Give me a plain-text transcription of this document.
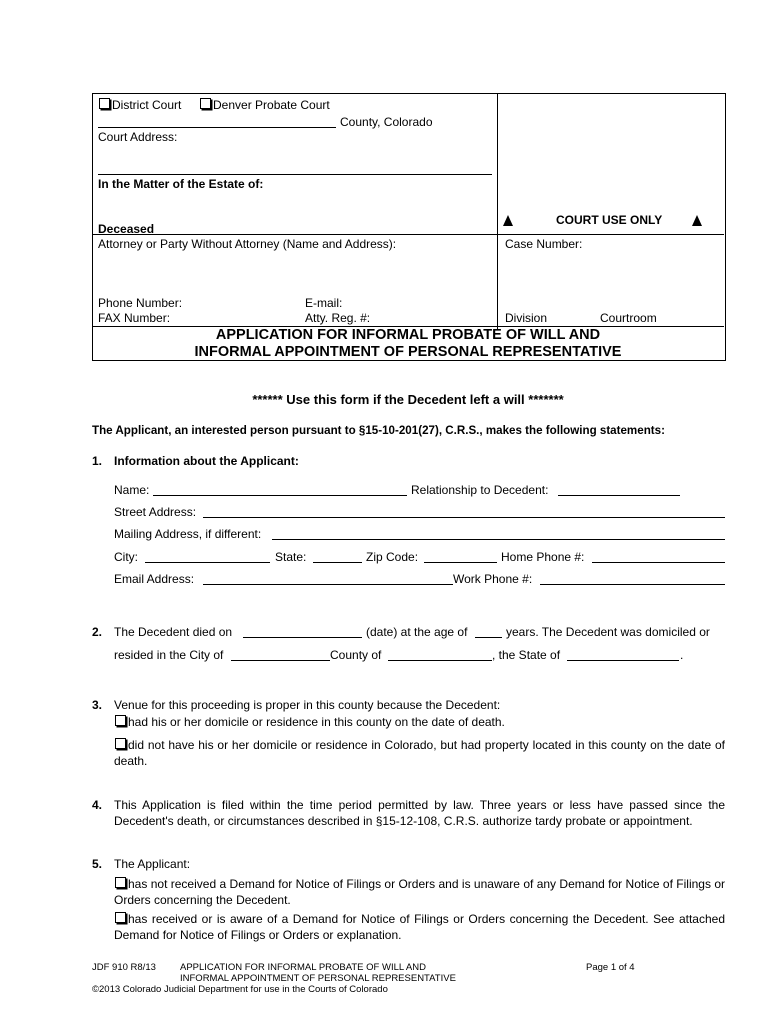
District Court	Denver Probate Court
County, Colorado
Court Address:
In the Matter of the Estate of:
Deceased
COURT USE ONLY
Attorney or Party Without Attorney (Name and Address):	Case Number:
Phone Number:	E-mail:
FAX Number:	Atty. Reg. #:	Division	Courtroom
APPLICATION FOR INFORMAL PROBATE OF WILL AND
INFORMAL APPOINTMENT OF PERSONAL REPRESENTATIVE
****** Use this form if the Decedent left a will *******
The Applicant, an interested person pursuant to §15-10-201(27), C.R.S., makes the following statements:
1. Information about the Applicant:
Name:	Relationship to Decedent:
Street Address:
Mailing Address, if different:
City:	State:	Zip Code:	Home Phone #:
Email Address:	Work Phone #:
2. The Decedent died on	(date) at the age of	years. The Decedent was domiciled or
resided in the City of	County of	, the State of	.
3. Venue for this proceeding is proper in this county because the Decedent:
had his or her domicile or residence in this county on the date of death.
did not have his or her domicile or residence in Colorado, but had property located in this county on the date of death.
4. This Application is filed within the time period permitted by law. Three years or less have passed since the Decedent's death, or circumstances described in §15-12-108, C.R.S. authorize tardy probate or appointment.
5. The Applicant:
has not received a Demand for Notice of Filings or Orders and is unaware of any Demand for Notice of Filings or Orders concerning the Decedent.
has received or is aware of a Demand for Notice of Filings or Orders concerning the Decedent. See attached Demand for Notice of Filings or Orders or explanation.
JDF 910 R8/13	APPLICATION FOR INFORMAL PROBATE OF WILL AND
INFORMAL APPOINTMENT OF PERSONAL REPRESENTATIVE
Page 1 of 4
©2013 Colorado Judicial Department for use in the Courts of Colorado
